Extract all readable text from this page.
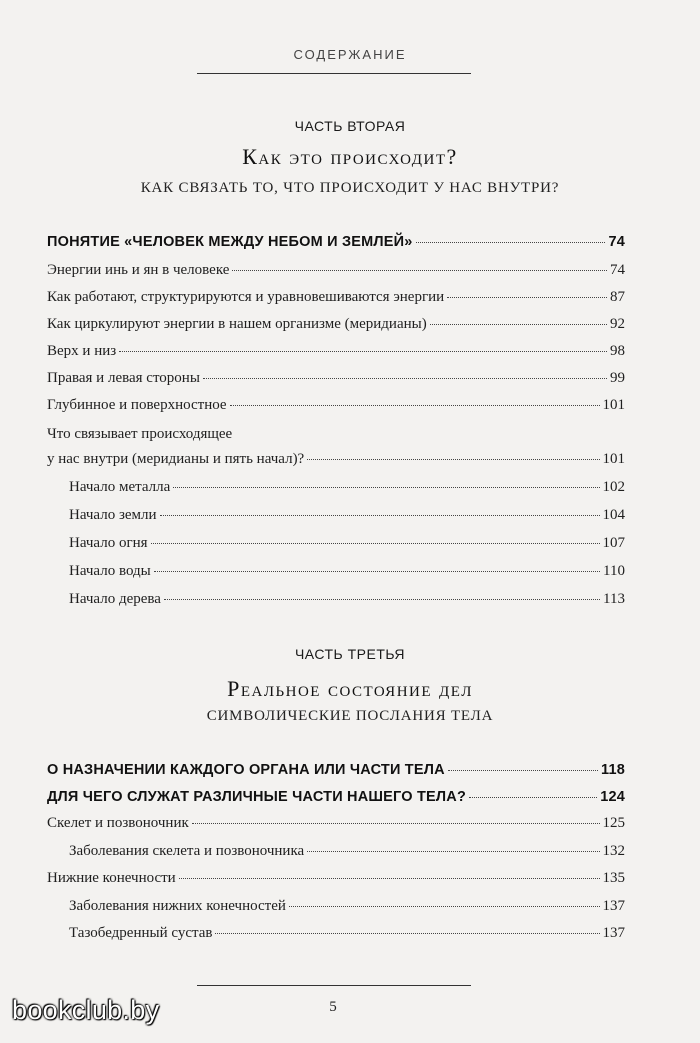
СОДЕРЖАНИЕ
ЧАСТЬ ВТОРАЯ
Как это происходит?
КАК СВЯЗАТЬ ТО, ЧТО ПРОИСХОДИТ У НАС ВНУТРИ?
ПОНЯТИЕ «ЧЕЛОВЕК МЕЖДУ НЕБОМ И ЗЕМЛЕЙ»	74
Энергии инь и ян в человеке	74
Как работают, структурируются и уравновешиваются энергии	87
Как циркулируют энергии в нашем организме (меридианы)	92
Верх и низ	98
Правая и левая стороны	99
Глубинное и поверхностное	101
Что связывает происходящее
у нас внутри (меридианы и пять начал)?	101
Начало металла	102
Начало земли	104
Начало огня	107
Начало воды	110
Начало дерева	113
ЧАСТЬ ТРЕТЬЯ
Реальное состояние дел
СИМВОЛИЧЕСКИЕ ПОСЛАНИЯ ТЕЛА
О НАЗНАЧЕНИИ КАЖДОГО ОРГАНА ИЛИ ЧАСТИ ТЕЛА	118
ДЛЯ ЧЕГО СЛУЖАТ РАЗЛИЧНЫЕ ЧАСТИ НАШЕГО ТЕЛА?	124
Скелет и позвоночник	125
Заболевания скелета и позвоночника	132
Нижние конечности	135
Заболевания нижних конечностей	137
Тазобедренный сустав	137
5
bookclub.by
